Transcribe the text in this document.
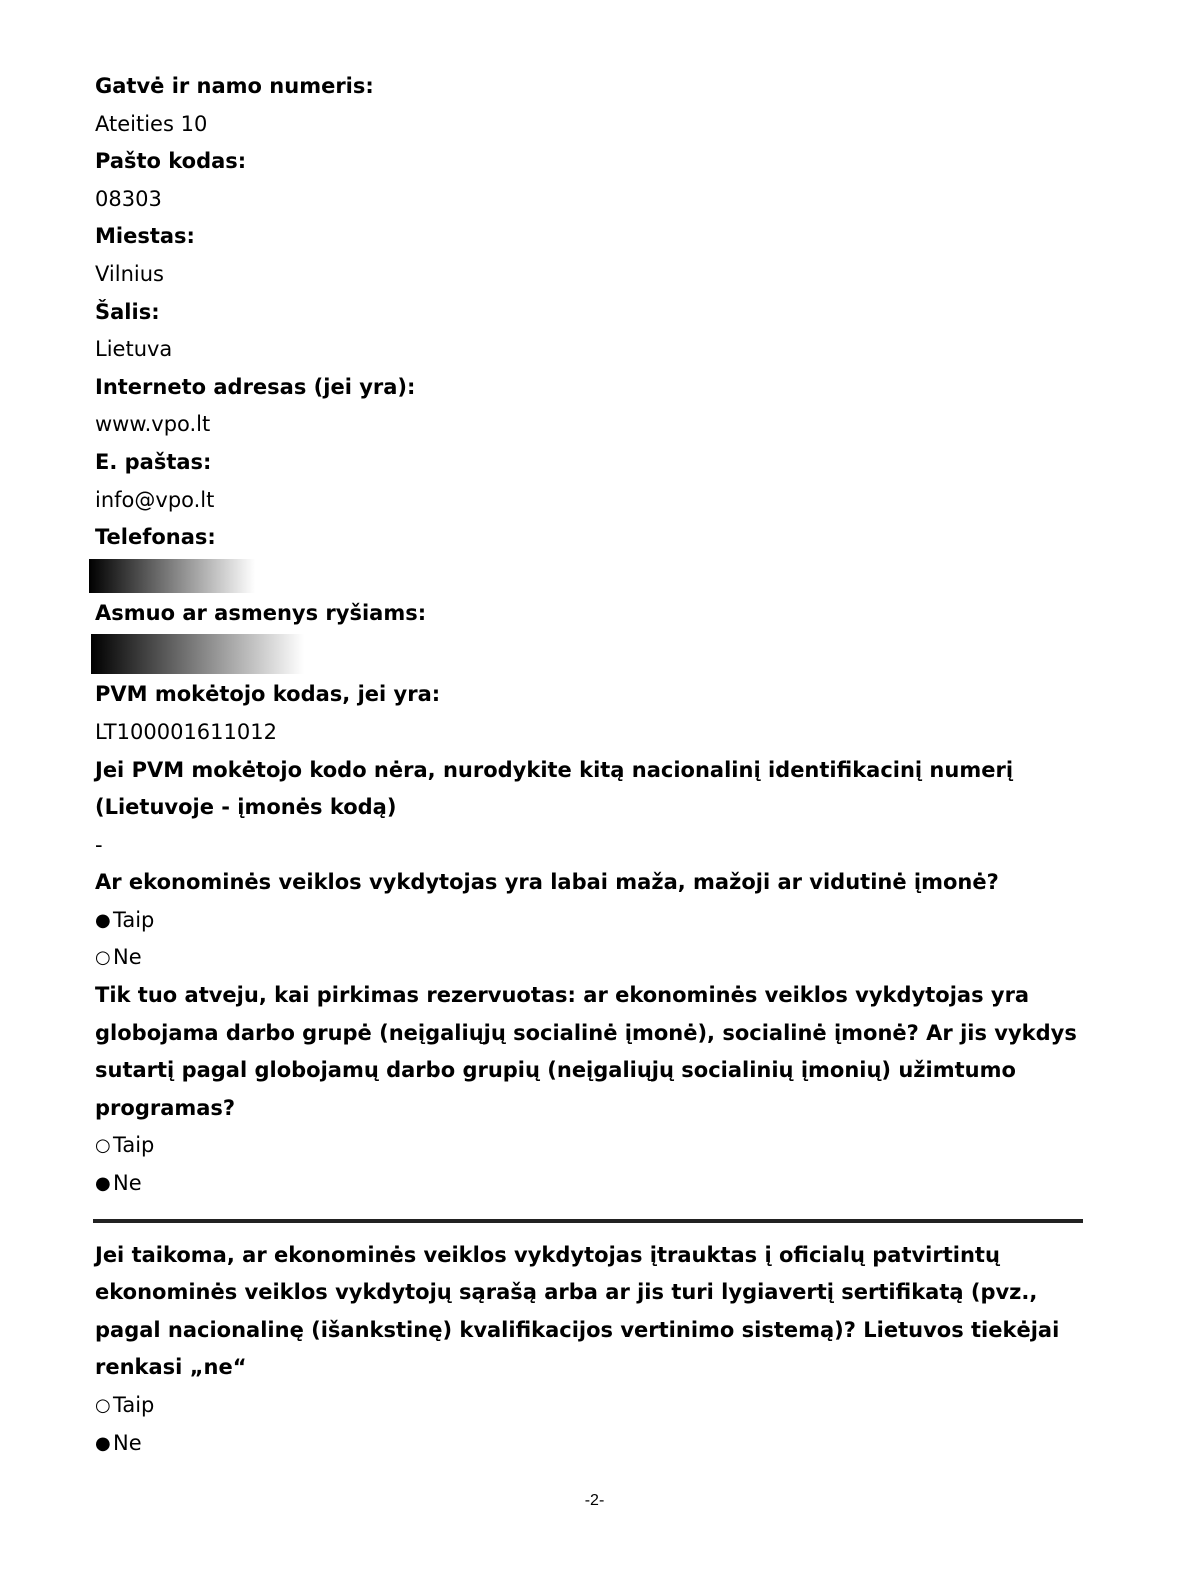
Gatvė ir namo numeris:

Ateities 10

Pašto kodas:

08303

Miestas:

Vilnius

Šalis:

Lietuva

Interneto adresas (jei yra):

www.vpo.lt

E. paštas:

info@vpo.lt

Telefonas:

Asmuo ar asmenys ryšiams:

PVM mokėtojo kodas, jei yra:

LT100001611012

Jei PVM mokėtojo kodo nėra, nurodykite kitą nacionalinį identifikacinį numerį (Lietuvoje - įmonės kodą)

-

Ar ekonominės veiklos vykdytojas yra labai maža, mažoji ar vidutinė įmonė?

● Taip
○ Ne

Tik tuo atveju, kai pirkimas rezervuotas: ar ekonominės veiklos vykdytojas yra globojama darbo grupė (neįgaliųjų socialinė įmonė), socialinė įmonė? Ar jis vykdys sutartį pagal globojamų darbo grupių (neįgaliųjų socialinių įmonių) užimtumo programas?

○ Taip
● Ne

Jei taikoma, ar ekonominės veiklos vykdytojas įtrauktas į oficialų patvirtintų ekonominės veiklos vykdytojų sąrašą arba ar jis turi lygiavertį sertifikatą (pvz., pagal nacionalinę (išankstinę) kvalifikacijos vertinimo sistemą)? Lietuvos tiekėjai renkasi „ne“

○ Taip
● Ne
-2-
